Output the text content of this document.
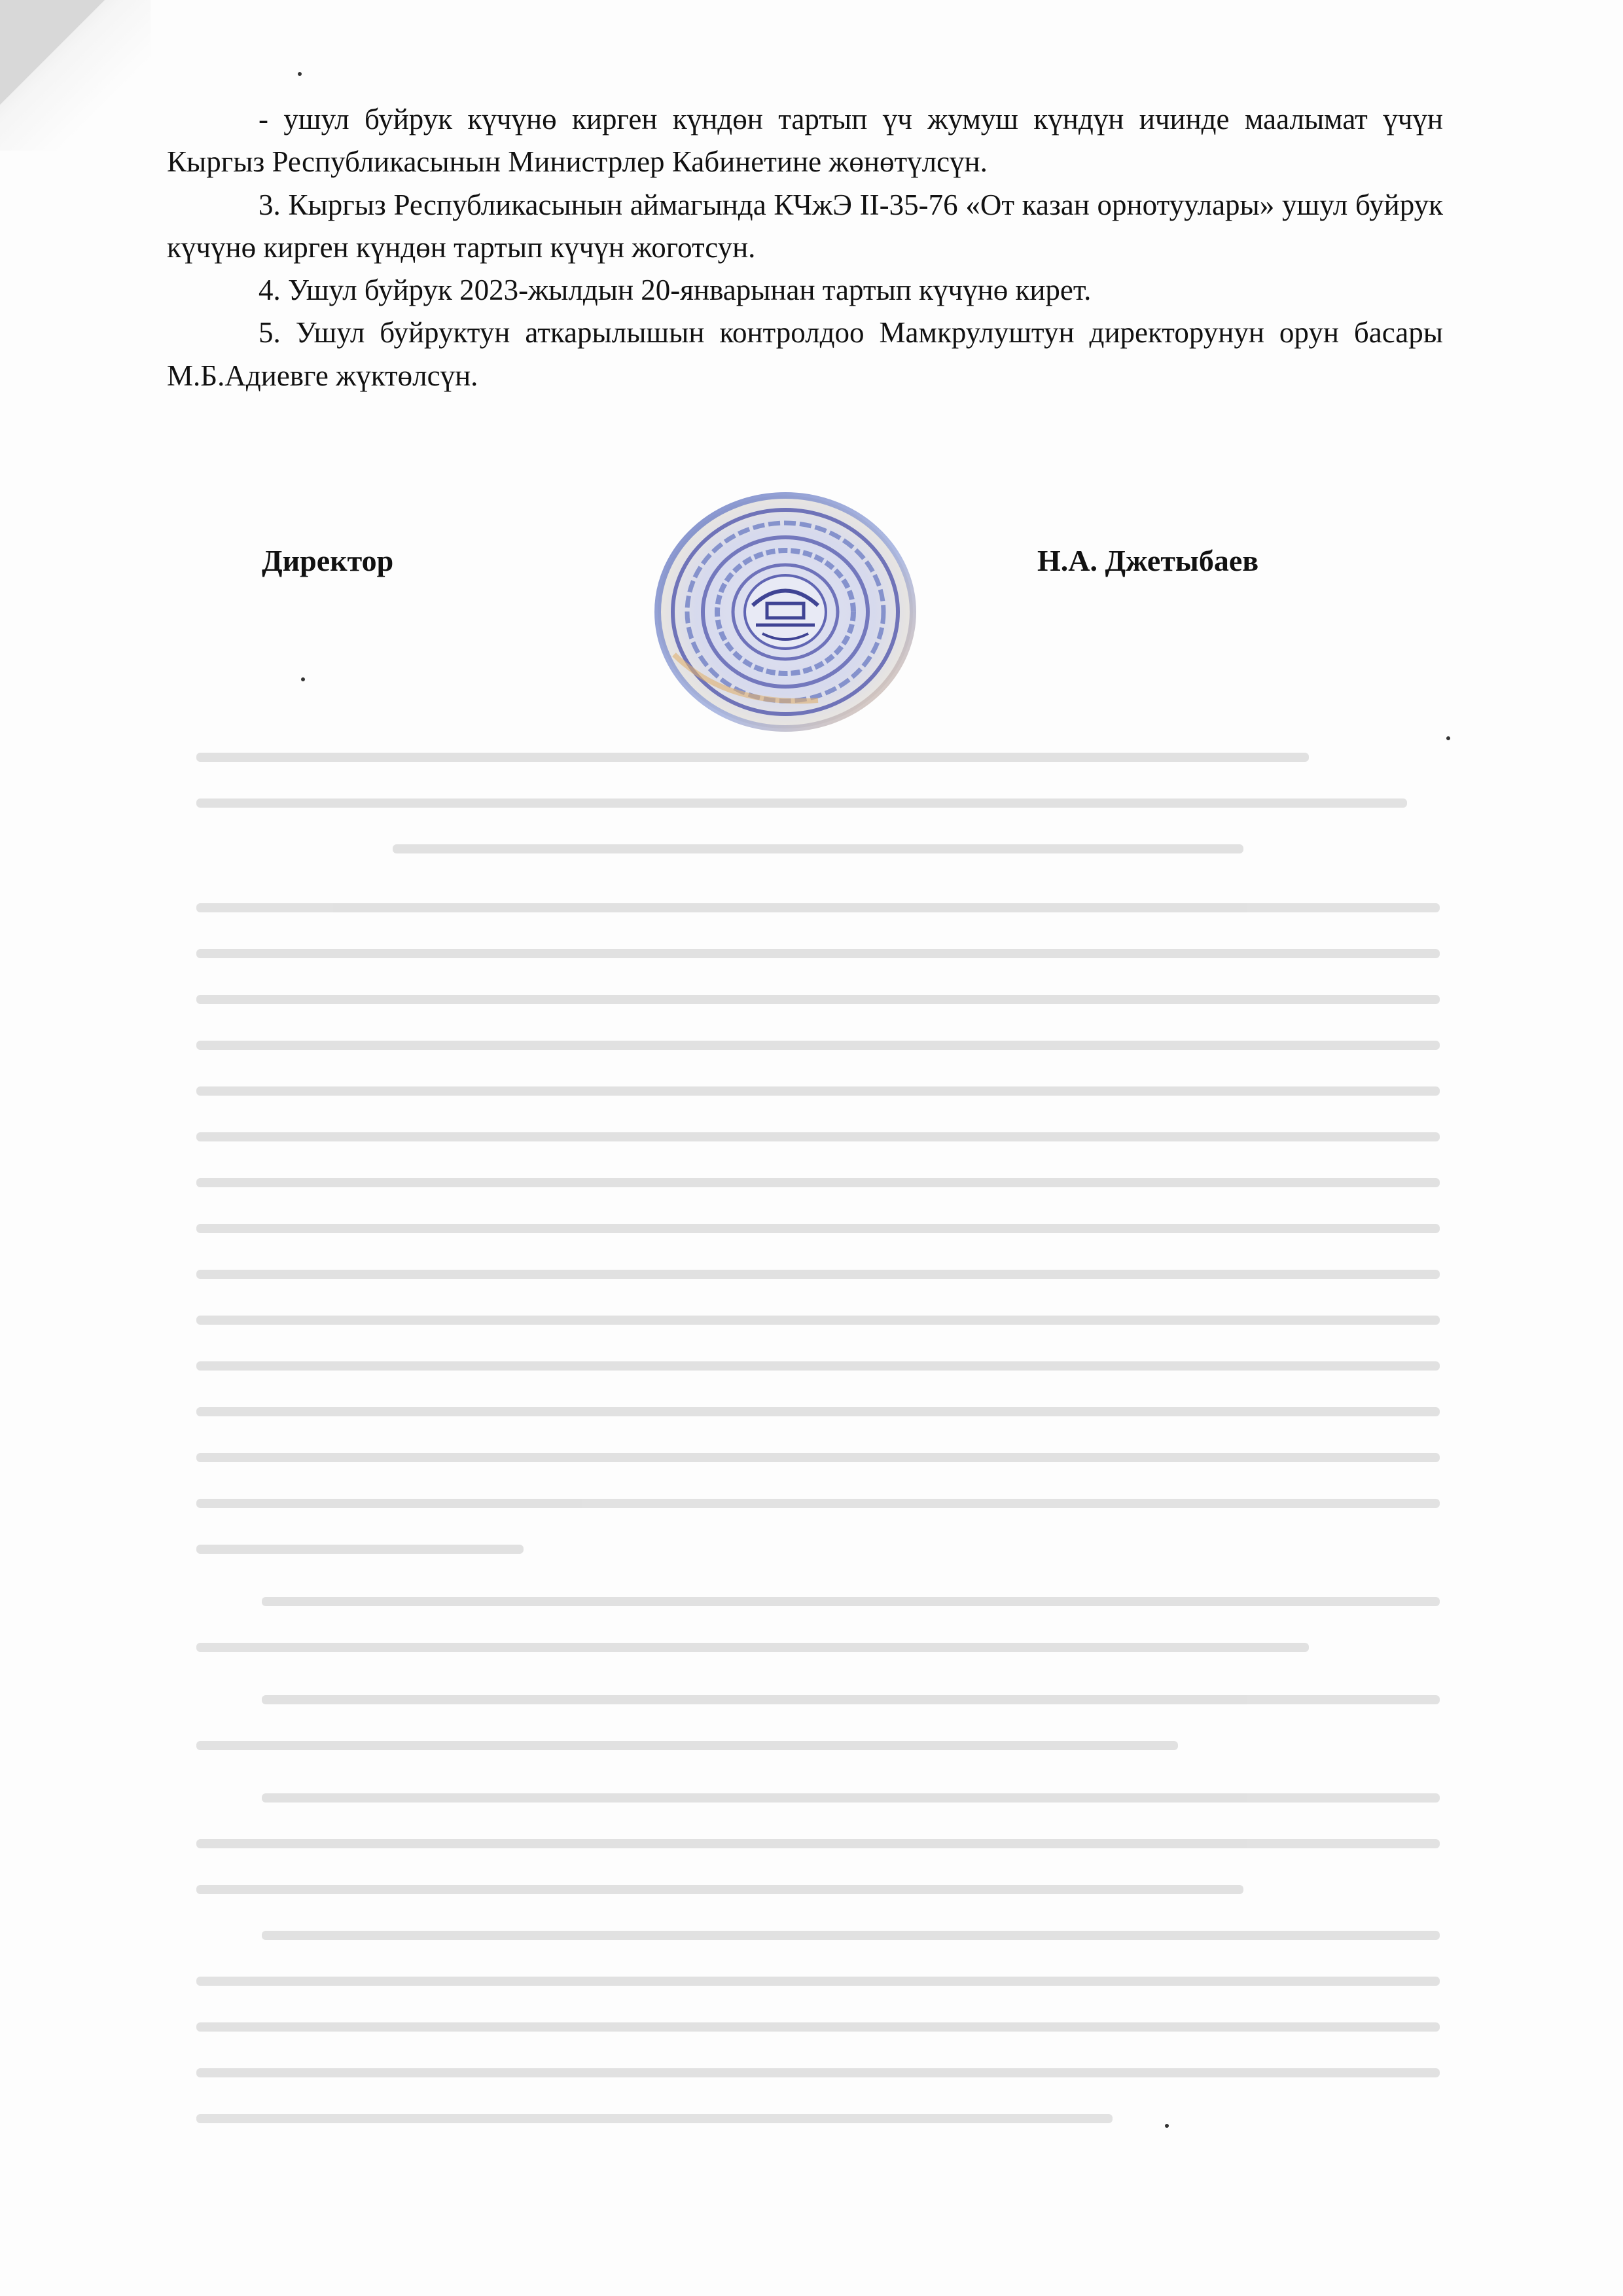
- ушул буйрук күчүнө кирген күндөн тартып үч жумуш күндүн ичинде маалымат үчүн Кыргыз Республикасынын Министрлер Кабинетине жөнөтүлсүн.

3. Кыргыз Республикасынын аймагында КЧжЭ II-35-76 «От казан орнотуулары» ушул буйрук күчүнө кирген күндөн тартып күчүн жоготсун.

4. Ушул буйрук 2023-жылдын 20-январынан тартып күчүнө кирет.

5. Ушул буйруктун аткарылышын контролдоо Мамкрулуштун директорунун орун басары М.Б.Адиевге жүктөлсүн.

Директор	Н.А. Джетыбаев
